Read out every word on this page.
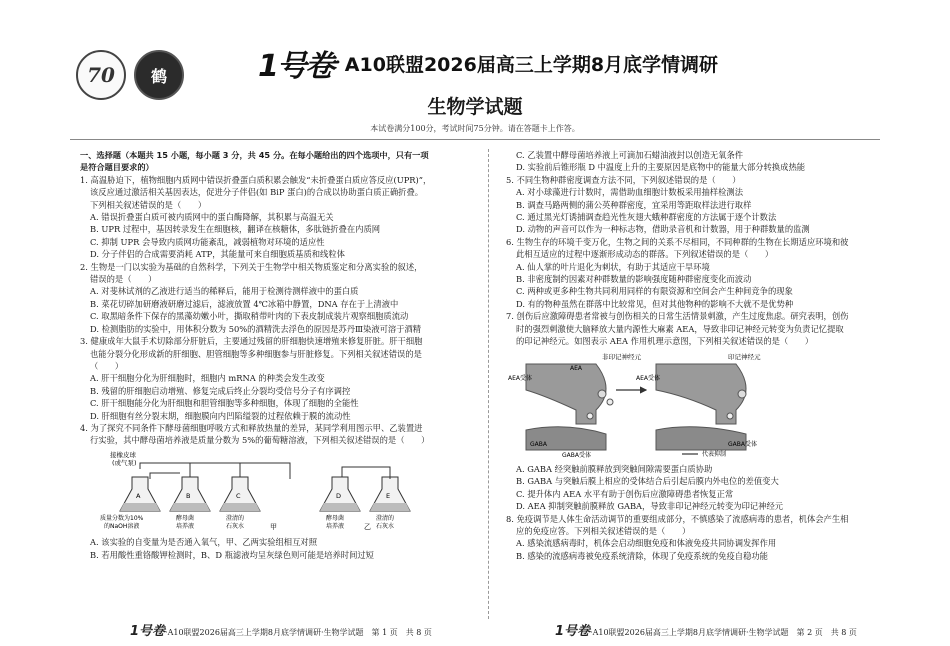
70 鹤	1号卷 · A10联盟2026届高三上学期8月底学情调研
生物学试题
本试卷满分100分，考试时间75分钟。请在答题卡上作答。
一、选择题（本题共 15 小题，每小题 3 分，共 45 分。在每小题给出的四个选项中，只有一项
是符合题目要求的）
1. 高温胁迫下，植物细胞内质网中错误折叠蛋白质积累会触发“未折叠蛋白质应答反应(UPR)”，
该反应通过激活相关基因表达，促进分子伴侣(如 BiP 蛋白)的合成以协助蛋白质正确折叠。
下列相关叙述错误的是（　　）
A. 错误折叠蛋白质可被内质网中的蛋白酶降解，其积累与高温无关
B. UPR 过程中，基因转录发生在细胞核，翻译在核糖体，多肽链折叠在内质网
C. 抑制 UPR 会导致内质网功能紊乱，减弱植物对环境的适应性
D. 分子伴侣的合成需要消耗 ATP，其能量可来自细胞质基质和线粒体
2. 生物是一门以实验为基础的自然科学，下列关于生物学中相关物质鉴定和分离实验的叙述，
错误的是（　　）
A. 对斐林试剂的乙液进行适当的稀释后，能用于检测待测样液中的蛋白质
B. 菜花切碎加研磨液研磨过滤后，滤液放置 4℃冰箱中静置，DNA 存在于上清液中
C. 取黑暗条件下保存的黑藻幼嫩小叶，撕取稍带叶肉的下表皮制成装片观察细胞质流动
D. 检测脂肪的实验中，用体积分数为 50%的酒精洗去浮色的原因是苏丹Ⅲ染液可溶于酒精
3. 健康成年大鼠手术切除部分肝脏后，主要通过残留的肝细胞快速增殖来修复肝脏。肝干细胞
也能分裂分化形成新的肝细胞、胆管细胞等多种细胞参与肝脏修复。下列相关叙述错误的是
（　　）
A. 肝干细胞分化为肝细胞时，细胞内 mRNA 的种类会发生改变
B. 残留的肝细胞启动增殖、修复完成后终止分裂均受信号分子有序调控
C. 肝干细胞能分化为肝细胞和胆管细胞等多种细胞，体现了细胞的全能性
D. 肝细胞有丝分裂末期，细胞膜向内凹陷缢裂的过程依赖于膜的流动性
4. 为了探究不同条件下酵母菌细胞呼吸方式和释放热量的差异，某同学利用图示甲、乙装置进
行实验，其中酵母菌培养液是质量分数为 5%的葡萄糖溶液，下列相关叙述错误的是（　　）
接橡皮球
(或气泵)
A	B	C	D	E
质量分数为10%
的NaOH溶液
酵母菌
培养液
澄清的
石灰水
酵母菌
培养液
澄清的
石灰水
甲	乙
A. 该实验的自变量为是否通入氧气，甲、乙两实验组相互对照
B. 若用酸性重铬酸钾检测时，B、D 瓶滤液均呈灰绿色则可能是培养时间过短
C. 乙装置中酵母菌培养液上可滴加石蜡油液封以创造无氧条件
D. 实验前后锥形瓶 D 中温度上升的主要原因是底物中的能量大部分转换成热能
5. 不同生物种群密度调查方法不同，下列叙述错误的是（　　）
A. 对小球藻进行计数时，需借助血细胞计数板采用抽样检测法
B. 调查马路两侧的蒲公英种群密度，宜采用等距取样法进行取样
C. 通过黑光灯诱捕调查趋光性灰翅大蛾种群密度的方法属于逐个计数法
D. 动物的声音可以作为一种标志物，借助录音机和计数器，用于种群数量的监测
6. 生物生存的环境千变万化，生物之间的关系不尽相同，不同种群的生物在长期适应环境和彼
此相互适应的过程中逐渐形成动态的群落。下列叙述错误的是（　　）
A. 仙人掌的叶片退化为刺状，有助于其适应干旱环境
B. 非密度制约因素对种群数量的影响强度随种群密度变化而波动
C. 两种或更多种生物共同利用同样的有限资源和空间会产生种间竞争的现象
D. 有的物种虽然在群落中比较常见，但对其他物种的影响不大就不是优势种
7. 创伤后应激障碍患者常被与创伤相关的日常生活情景刺激，产生过度焦虑。研究表明，创伤
时的强烈刺激使大脑释放大量内源性大麻素 AEA，导致非印记神经元转变为负责记忆提取
的印记神经元。如图表示 AEA 作用机理示意图，下列相关叙述错误的是（　　）
非印记神经元	印记神经元
AEA受体
AEA
GABA
GABA受体
AEA受体
GABA受体
代表抑制
A. GABA 经突触前膜释放到突触间隙需要蛋白质协助
B. GABA 与突触后膜上相应的受体结合后引起后膜内外电位的差值变大
C. 提升体内 AEA 水平有助于创伤后应激障碍患者恢复正常
D. AEA 抑制突触前膜释放 GABA，导致非印记神经元转变为印记神经元
8. 免疫调节是人体生命活动调节的重要组成部分，不慎感染了流感病毒的患者，机体会产生相
应的免疫应答。下列相关叙述错误的是（　　）
A. 感染流感病毒时，机体会启动细胞免疫和体液免疫共同协调发挥作用
B. 感染的流感病毒被免疫系统清除，体现了免疫系统的免疫自稳功能
1号卷·A10联盟2026届高三上学期8月底学情调研·生物学试题　第 1 页　共 8 页	1号卷·A10联盟2026届高三上学期8月底学情调研·生物学试题　第 2 页　共 8 页
